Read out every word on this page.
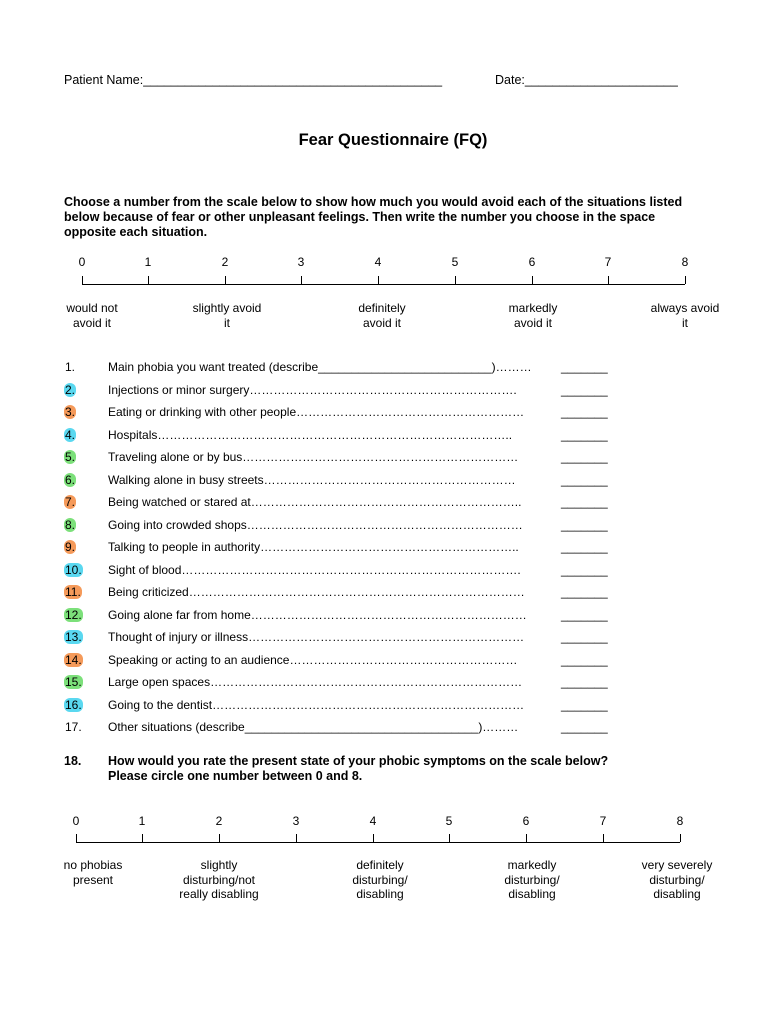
Patient Name:___________________________________________	Date:______________________
Fear Questionnaire (FQ)
Choose a number from the scale below to show how much you would avoid each of the situations listed below because of fear or other unpleasant feelings. Then write the number you choose in the space opposite each situation.
0	1	2	3	4	5	6	7	8
would not avoid it
slightly avoid it
definitely avoid it
markedly avoid it
always avoid it
1.	Main phobia you want treated (describe__________________________)………	_______
2.	Injections or minor surgery………………………………………………………….	_______
3.	Eating or drinking with other people…………………………………………………	_______
4.	Hospitals……………………………………………………………………………..	_______
5.	Traveling alone or by bus……………………………………………………………	_______
6.	Walking alone in busy streets………………………………………………………	_______
7.	Being watched or stared at…………………………………………………………..	_______
8.	Going into crowded shops……………………………………………………………	_______
9.	Talking to people in authority………………………………………………………..	_______
10. Sight of blood………………………………………………………………………….	_______
11. Being criticized…………………………………………………………………………	_______
12. Going alone far from home……………………………………………………………	_______
13. Thought of injury or illness……………………………………………………………	_______
14. Speaking or acting to an audience…………………………………………………	_______
15. Large open spaces……………………………………………………………………	_______
16. Going to the dentist……………………………………………………………………	_______
17. Other situations (describe___________________________________)………	_______
18. How would you rate the present state of your phobic symptoms on the scale below?
Please circle one number between 0 and 8.
0	1	2	3	4	5	6	7	8
no phobias present
slightly disturbing/not really disabling
definitely disturbing/ disabling
markedly disturbing/ disabling
very severely disturbing/ disabling
